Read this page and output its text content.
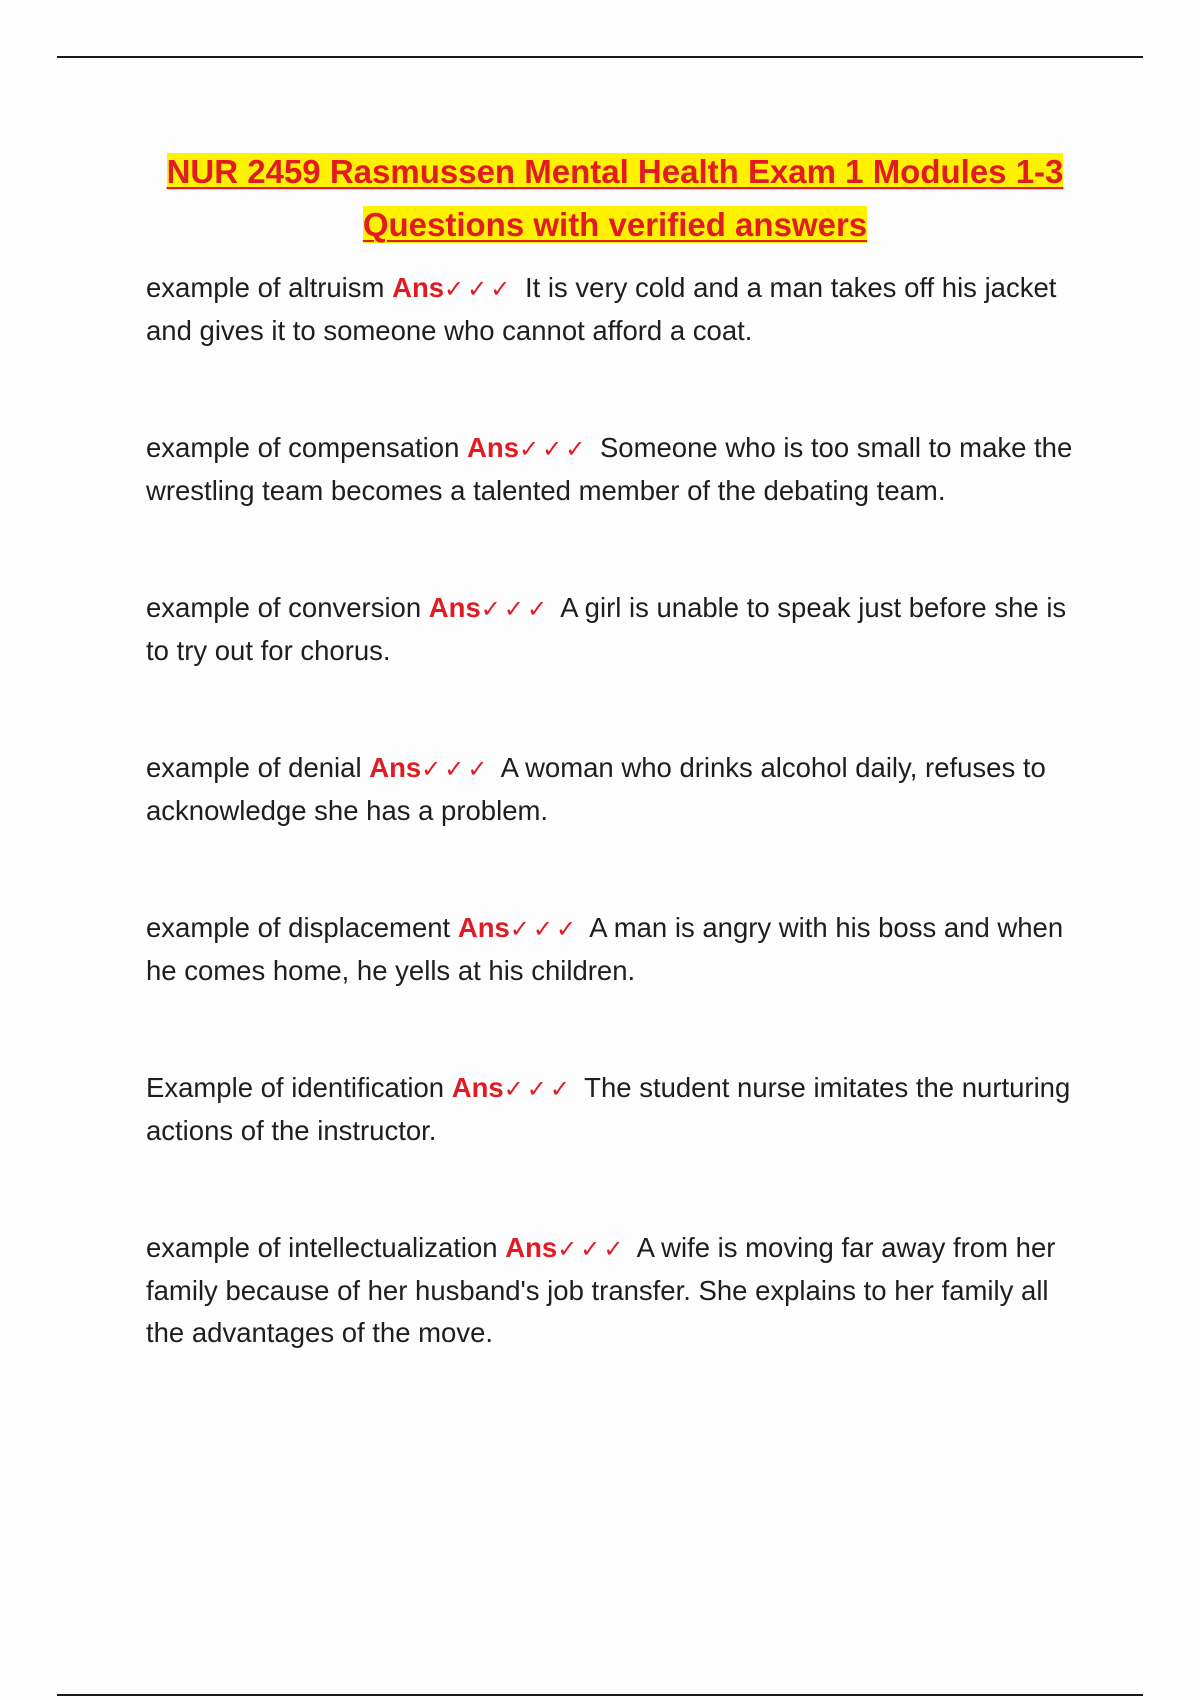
NUR 2459 Rasmussen Mental Health Exam 1 Modules 1-3 Questions with verified answers

example of altruism Ans✓✓✓ It is very cold and a man takes off his jacket and gives it to someone who cannot afford a coat.

example of compensation Ans✓✓✓ Someone who is too small to make the wrestling team becomes a talented member of the debating team.

example of conversion Ans✓✓✓ A girl is unable to speak just before she is to try out for chorus.

example of denial Ans✓✓✓ A woman who drinks alcohol daily, refuses to acknowledge she has a problem.

example of displacement Ans✓✓✓ A man is angry with his boss and when he comes home, he yells at his children.

Example of identification Ans✓✓✓ The student nurse imitates the nurturing actions of the instructor.

example of intellectualization Ans✓✓✓ A wife is moving far away from her family because of her husband's job transfer. She explains to her family all the advantages of the move.
